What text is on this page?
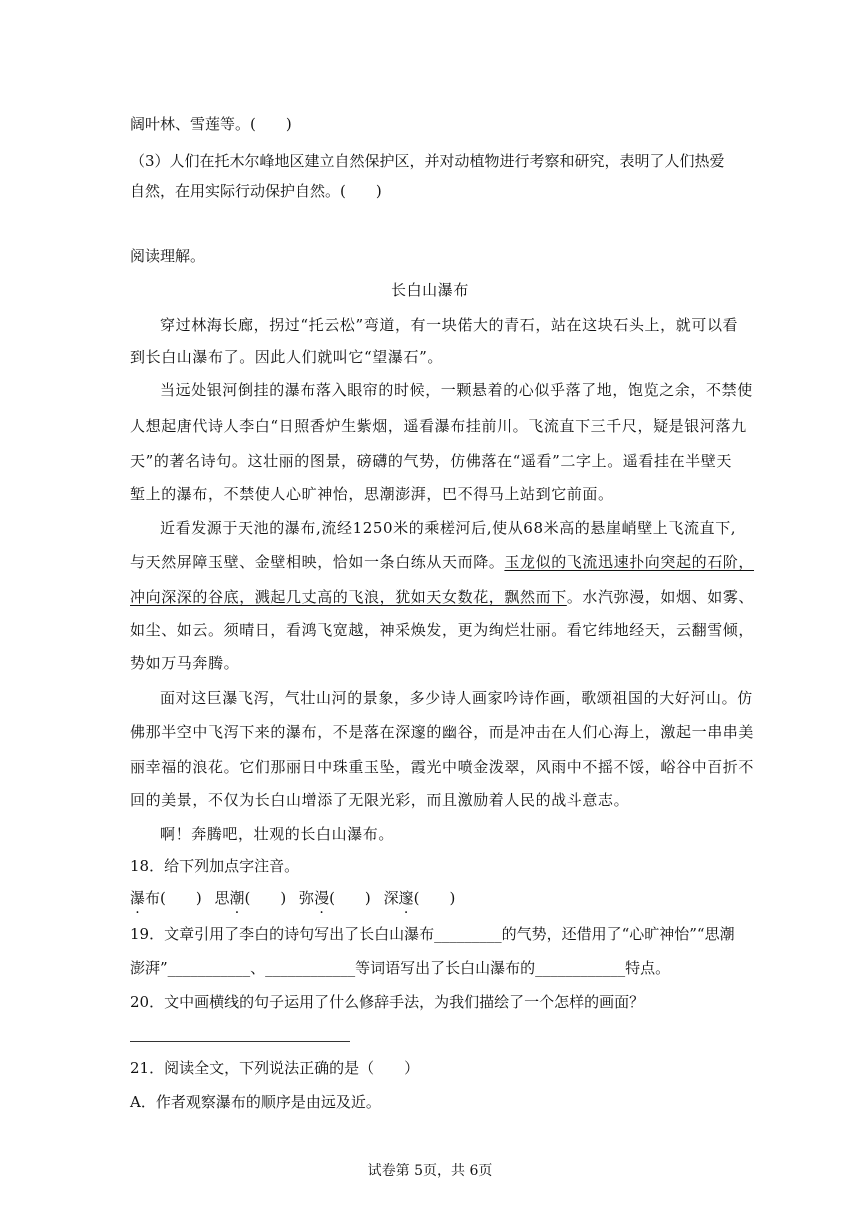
阔叶林、雪莲等。(　　)
（3）人们在托木尔峰地区建立自然保护区，并对动植物进行考察和研究，表明了人们热爱
自然，在用实际行动保护自然。(　　)
阅读理解。
长白山瀑布
穿过林海长廊，拐过“托云松”弯道，有一块偌大的青石，站在这块石头上，就可以看
到长白山瀑布了。因此人们就叫它“望瀑石”。
当远处银河倒挂的瀑布落入眼帘的时候，一颗悬着的心似乎落了地，饱览之余，不禁使
人想起唐代诗人李白“日照香炉生紫烟，遥看瀑布挂前川。飞流直下三千尺，疑是银河落九
天”的著名诗句。这壮丽的图景，磅礴的气势，仿佛落在“遥看”二字上。遥看挂在半壁天
堑上的瀑布，不禁使人心旷神怡，思潮澎湃，巴不得马上站到它前面。
近看发源于天池的瀑布,流经1250米的乘槎河后,使从68米高的悬崖峭壁上飞流直下,
与天然屏障玉壁、金壁相映，恰如一条白练从天而降。玉龙似的飞流迅速扑向突起的石阶，
冲向深深的谷底，溅起几丈高的飞浪，犹如天女数花，飘然而下。水汽弥漫，如烟、如雾、
如尘、如云。须晴日，看鸿飞宽越，神采焕发，更为绚烂壮丽。看它纬地经天，云翻雪倾，
势如万马奔腾。
面对这巨瀑飞泻，气壮山河的景象，多少诗人画家吟诗作画，歌颂祖国的大好河山。仿
佛那半空中飞泻下来的瀑布，不是落在深邃的幽谷，而是冲击在人们心海上，激起一串串美
丽幸福的浪花。它们那丽日中珠重玉坠，霞光中喷金泼翠，风雨中不摇不馁，峪谷中百折不
回的美景，不仅为长白山增添了无限光彩，而且激励着人民的战斗意志。
啊！奔腾吧，壮观的长白山瀑布。
18．给下列加点字注音。
瀑布(　　) 思潮(　　) 弥漫(　　) 深邃(　　)
19．文章引用了李白的诗句写出了长白山瀑布_________的气势，还借用了“心旷神怡”“思潮
澎湃”___________、____________等词语写出了长白山瀑布的____________特点。
20．文中画横线的句子运用了什么修辞手法，为我们描绘了一个怎样的画面？
21．阅读全文，下列说法正确的是（　　）
A．作者观察瀑布的顺序是由远及近。
试卷第 5页，共 6页
